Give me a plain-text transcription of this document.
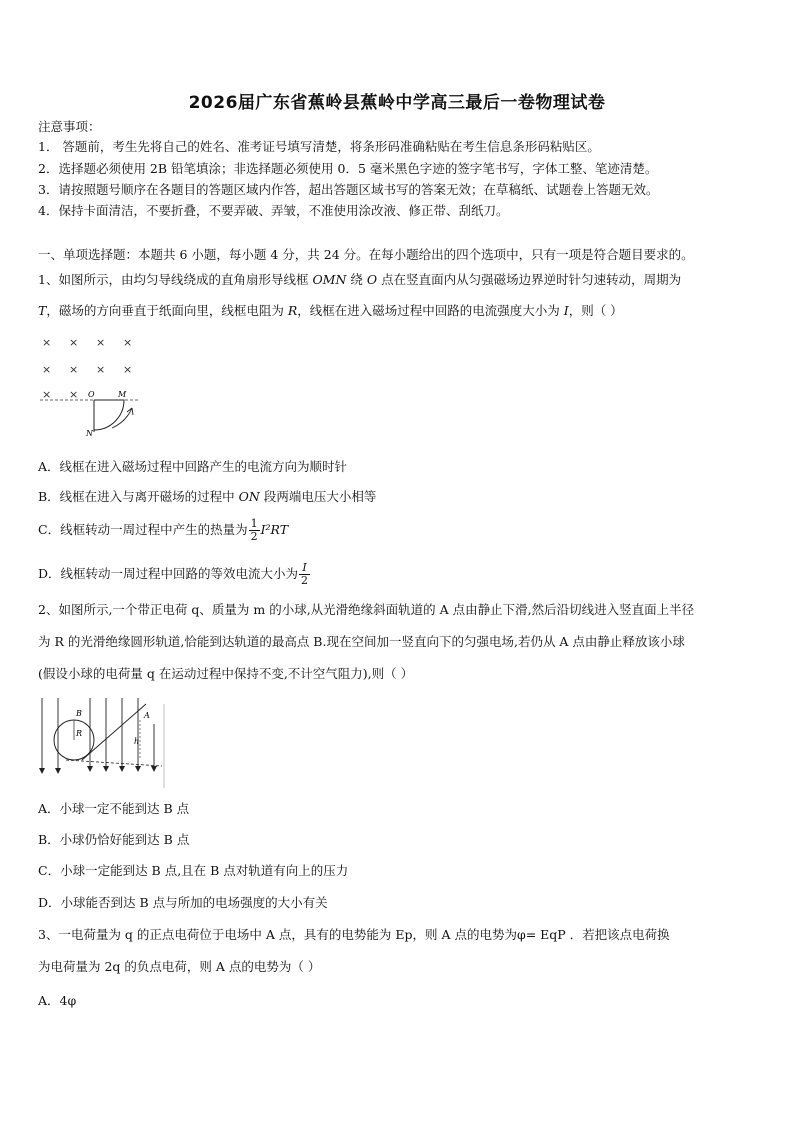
2026届广东省蕉岭县蕉岭中学高三最后一卷物理试卷
注意事项：
1． 答题前，考生先将自己的姓名、准考证号填写清楚，将条形码准确粘贴在考生信息条形码粘贴区。
2．选择题必须使用 2B 铅笔填涂；非选择题必须使用 0．5 毫米黑色字迹的签字笔书写，字体工整、笔迹清楚。
3．请按照题号顺序在各题目的答题区域内作答，超出答题区域书写的答案无效；在草稿纸、试题卷上答题无效。
4．保持卡面清洁，不要折叠，不要弄破、弄皱，不准使用涂改液、修正带、刮纸刀。
一、单项选择题：本题共 6 小题，每小题 4 分，共 24 分。在每小题给出的四个选项中，只有一项是符合题目要求的。
1、如图所示，由均匀导线绕成的直角扇形导线框 OMN 绕 O 点在竖直面内从匀强磁场边界逆时针匀速转动，周期为
T，磁场的方向垂直于纸面向里，线框电阻为 R，线框在进入磁场过程中回路的电流强度大小为 I，则（ ）
× × × ×
× × × ×
× × O	M
N
A．线框在进入磁场过程中回路产生的电流方向为顺时针
B．线框在进入与离开磁场的过程中 ON 段两端电压大小相等
C．线框转动一周过程中产生的热量为 $\frac{1}{2} I^2RT$
D．线框转动一周过程中回路的等效电流大小为 $\frac{I}{2}$
2、如图所示,一个带正电荷 q、质量为 m 的小球,从光滑绝缘斜面轨道的 A 点由静止下滑,然后沿切线进入竖直面上半径
为 R 的光滑绝缘圆形轨道,恰能到达轨道的最高点 B.现在空间加一竖直向下的匀强电场,若仍从 A 点由静止释放该小球
(假设小球的电荷量 q 在运动过程中保持不变,不计空气阻力),则（ ）
B
R
A
h
A．小球一定不能到达 B 点
B．小球仍恰好能到达 B 点
C．小球一定能到达 B 点,且在 B 点对轨道有向上的压力
D．小球能否到达 B 点与所加的电场强度的大小有关
3、一电荷量为 q 的正点电荷位于电场中 A 点，具有的电势能为 Ep，则 A 点的电势为φ= EqP ．若把该点电荷换
为电荷量为 2q 的负点电荷，则 A 点的电势为（ ）
A．4φ
